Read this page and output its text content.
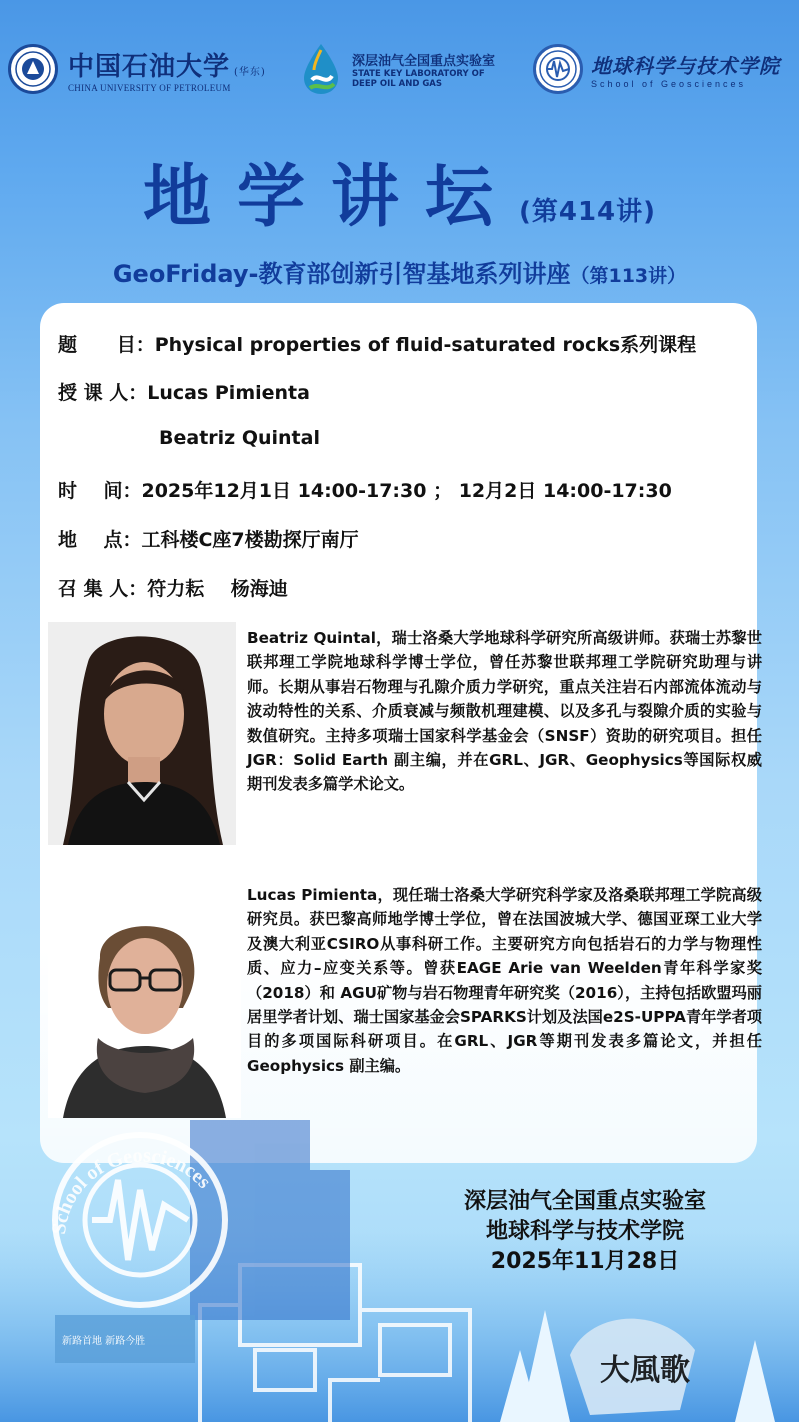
中国石油大学 (华东)
CHINA UNIVERSITY OF PETROLEUM
深层油气全国重点实验室
STATE KEY LABORATORY OF
DEEP OIL AND GAS
地球科学与技术学院
School of Geosciences
地学讲坛(第414讲)
GeoFriday-教育部创新引智基地系列讲座（第113讲）
题      目：Physical properties of fluid-saturated rocks系列课程
授 课 人：Lucas Pimienta
Beatriz Quintal
时    间：2025年12月1日 14:00-17:30 ； 12月2日 14:00-17:30
地    点：工科楼C座7楼勘探厅南厅
召 集 人：符力耘    杨海迪
Beatriz Quintal，瑞士洛桑大学地球科学研究所高级讲师。获瑞士苏黎世联邦理工学院地球科学博士学位，曾任苏黎世联邦理工学院研究助理与讲师。长期从事岩石物理与孔隙介质力学研究，重点关注岩石内部流体流动与波动特性的关系、介质衰减与频散机理建模、以及多孔与裂隙介质的实验与数值研究。主持多项瑞士国家科学基金会（SNSF）资助的研究项目。担任JGR：Solid Earth 副主编，并在GRL、JGR、Geophysics等国际权威期刊发表多篇学术论文。
Lucas Pimienta，现任瑞士洛桑大学研究科学家及洛桑联邦理工学院高级研究员。获巴黎高师地学博士学位，曾在法国波城大学、德国亚琛工业大学及澳大利亚CSIRO从事科研工作。主要研究方向包括岩石的力学与物理性质、应力–应变关系等。曾获EAGE Arie van Weelden青年科学家奖（2018）和 AGU矿物与岩石物理青年研究奖（2016），主持包括欧盟玛丽居里学者计划、瑞士国家基金会SPARKS计划及法国e2S-UPPA青年学者项目的多项国际科研项目。在GRL、JGR等期刊发表多篇论文，并担任 Geophysics 副主编。
School of Geosciences
大風歌
新路首地 新路今胜
深层油气全国重点实验室
地球科学与技术学院
2025年11月28日
